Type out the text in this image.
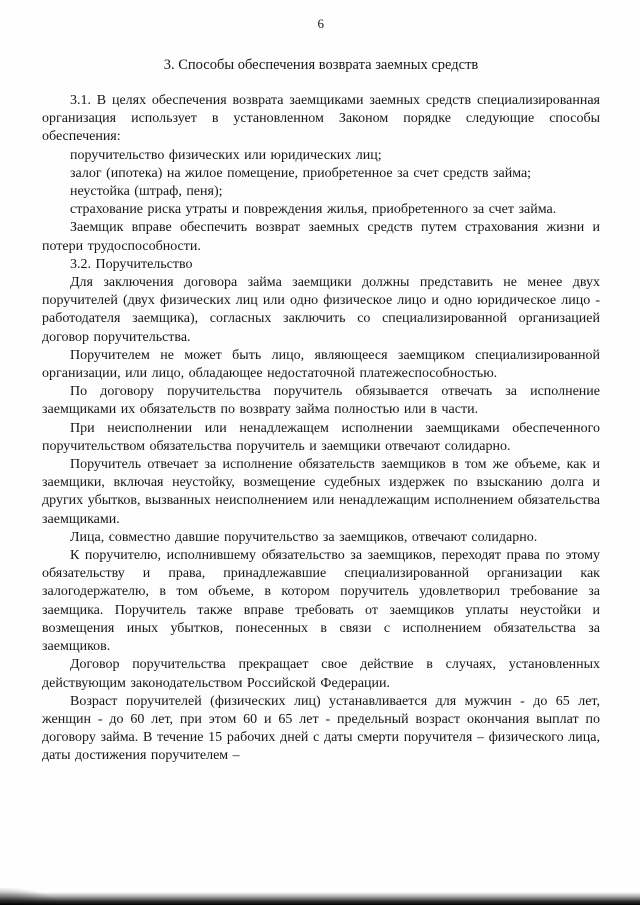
6
3. Способы обеспечения возврата заемных средств

3.1. В целях обеспечения возврата заемщиками заемных средств специализированная организация использует в установленном Законом порядке следующие способы обеспечения:

поручительство физических или юридических лиц;

залог (ипотека) на жилое помещение, приобретенное за счет средств займа;

неустойка (штраф, пеня);

страхование риска утраты и повреждения жилья, приобретенного за счет займа.

Заемщик вправе обеспечить возврат заемных средств путем страхования жизни и потери трудоспособности.

3.2. Поручительство

Для заключения договора займа заемщики должны представить не менее двух поручителей (двух физических лиц или одно физическое лицо и одно юридическое лицо - работодателя заемщика), согласных заключить со специализированной организацией договор поручительства.

Поручителем не может быть лицо, являющееся заемщиком специализированной организации, или лицо, обладающее недостаточной платежеспособностью.

По договору поручительства поручитель обязывается отвечать за исполнение заемщиками их обязательств по возврату займа полностью или в части.

При неисполнении или ненадлежащем исполнении заемщиками обеспеченного поручительством обязательства поручитель и заемщики отвечают солидарно.

Поручитель отвечает за исполнение обязательств заемщиков в том же объеме, как и заемщики, включая неустойку, возмещение судебных издержек по взысканию долга и других убытков, вызванных неисполнением или ненадлежащим исполнением обязательства заемщиками.

Лица, совместно давшие поручительство за заемщиков, отвечают солидарно.

К поручителю, исполнившему обязательство за заемщиков, переходят права по этому обязательству и права, принадлежавшие специализированной организации как залогодержателю, в том объеме, в котором поручитель удовлетворил требование за заемщика. Поручитель также вправе требовать от заемщиков уплаты неустойки и возмещения иных убытков, понесенных в связи с исполнением обязательства за заемщиков.

Договор поручительства прекращает свое действие в случаях, установленных действующим законодательством Российской Федерации.

Возраст поручителей (физических лиц) устанавливается для мужчин - до 65 лет, женщин - до 60 лет, при этом 60 и 65 лет - предельный возраст окончания выплат по договору займа. В течение 15 рабочих дней с даты смерти поручителя – физического лица, даты достижения поручителем –
